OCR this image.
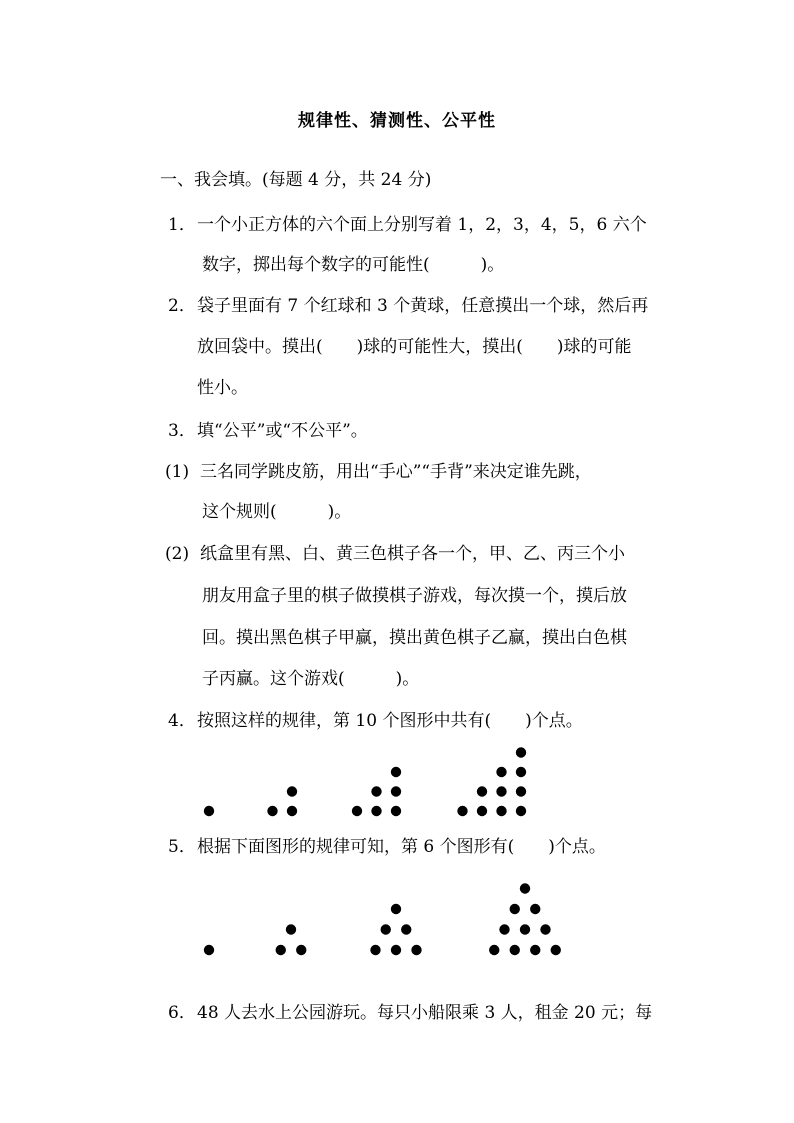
规律性、猜测性、公平性
一、我会填。(每题 4 分，共 24 分)
1． 一个小正方体的六个面上分别写着 1，2，3，4，5，6 六个
数字，掷出每个数字的可能性(　　　)。
2． 袋子里面有 7 个红球和 3 个黄球，任意摸出一个球，然后再
放回袋中。摸出(　　)球的可能性大，摸出(　　)球的可能
性小。
3． 填“公平”或“不公平”。
(1) 三名同学跳皮筋，用出“手心”“手背”来决定谁先跳，
这个规则(　　　)。
(2) 纸盒里有黑、白、黄三色棋子各一个，甲、乙、丙三个小
朋友用盒子里的棋子做摸棋子游戏，每次摸一个，摸后放
回。摸出黑色棋子甲赢，摸出黄色棋子乙赢，摸出白色棋
子丙赢。这个游戏(　　　)。
4． 按照这样的规律，第 10 个图形中共有(　　)个点。
5． 根据下面图形的规律可知，第 6 个图形有(　　)个点。
6． 48 人去水上公园游玩。每只小船限乘 3 人，租金 20 元；每
